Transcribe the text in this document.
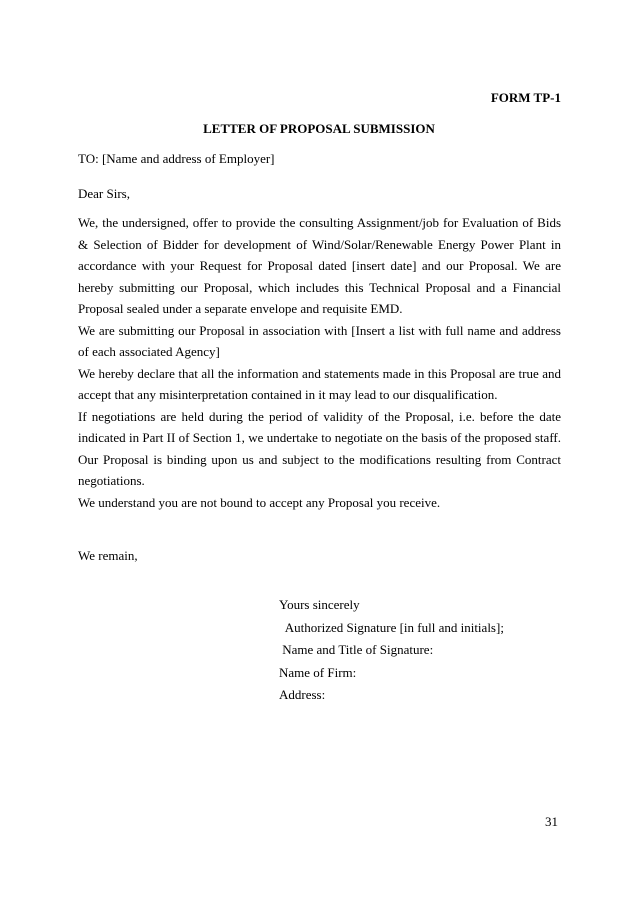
FORM TP-1
LETTER OF PROPOSAL SUBMISSION
TO: [Name and address of Employer]
Dear Sirs,

We, the undersigned, offer to provide the consulting Assignment/job for Evaluation of Bids & Selection of Bidder for development of Wind/Solar/Renewable Energy Power Plant in accordance with your Request for Proposal dated [insert date] and our Proposal. We are hereby submitting our Proposal, which includes this Technical Proposal and a Financial Proposal sealed under a separate envelope and requisite EMD.

We are submitting our Proposal in association with [Insert a list with full name and address of each associated Agency]

We hereby declare that all the information and statements made in this Proposal are true and accept that any misinterpretation contained in it may lead to our disqualification.

If negotiations are held during the period of validity of the Proposal, i.e. before the date indicated in Part II of Section 1, we undertake to negotiate on the basis of the proposed staff. Our Proposal is binding upon us and subject to the modifications resulting from Contract negotiations.

We understand you are not bound to accept any Proposal you receive.

We remain,
Yours sincerely
Authorized Signature [in full and initials];
Name and Title of Signature:
Name of Firm:
Address:
31
